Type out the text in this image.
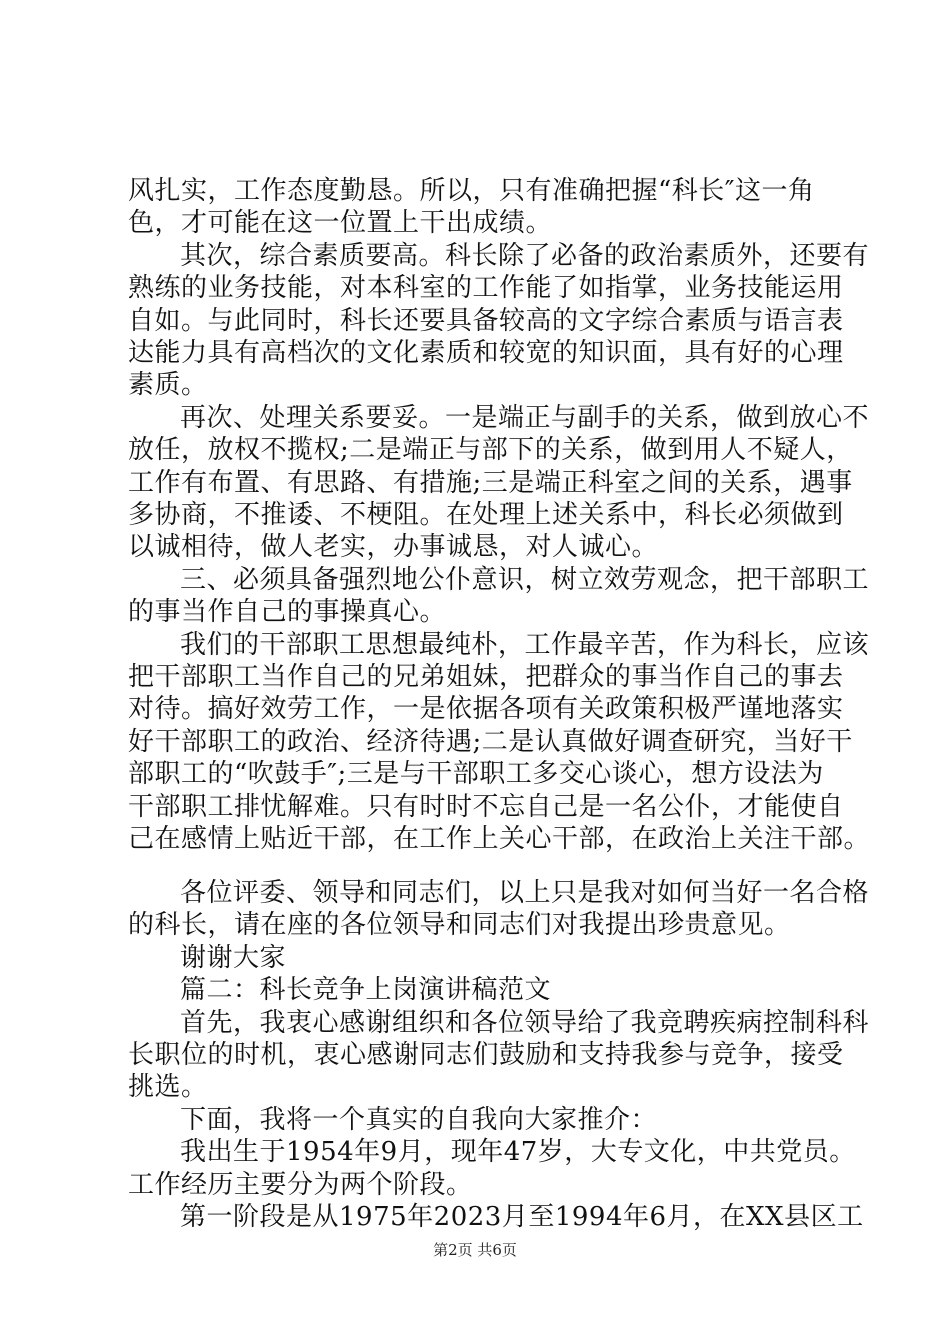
风扎实，工作态度勤恳。所以，只有准确把握“科长″这一角
色，才可能在这一位置上干出成绩。
其次，综合素质要高。科长除了必备的政治素质外，还要有
熟练的业务技能，对本科室的工作能了如指掌，业务技能运用
自如。与此同时，科长还要具备较高的文字综合素质与语言表
达能力具有高档次的文化素质和较宽的知识面，具有好的心理
素质。
再次、处理关系要妥。一是端正与副手的关系，做到放心不
放任，放权不揽权;二是端正与部下的关系，做到用人不疑人，
工作有布置、有思路、有措施;三是端正科室之间的关系，遇事
多协商，不推诿、不梗阻。在处理上述关系中，科长必须做到
以诚相待，做人老实，办事诚恳，对人诚心。
三、必须具备强烈地公仆意识，树立效劳观念，把干部职工
的事当作自己的事操真心。
我们的干部职工思想最纯朴，工作最辛苦，作为科长，应该
把干部职工当作自己的兄弟姐妹，把群众的事当作自己的事去
对待。搞好效劳工作，一是依据各项有关政策积极严谨地落实
好干部职工的政治、经济待遇;二是认真做好调查研究，当好干
部职工的“吹鼓手″;三是与干部职工多交心谈心，想方设法为
干部职工排忧解难。只有时时不忘自己是一名公仆，才能使自
己在感情上贴近干部，在工作上关心干部，在政治上关注干部。
各位评委、领导和同志们，以上只是我对如何当好一名合格
的科长，请在座的各位领导和同志们对我提出珍贵意见。
谢谢大家
篇二：科长竞争上岗演讲稿范文
首先，我衷心感谢组织和各位领导给了我竞聘疾病控制科科
长职位的时机，衷心感谢同志们鼓励和支持我参与竞争，接受
挑选。
下面，我将一个真实的自我向大家推介：
我出生于1954年9月，现年47岁，大专文化，中共党员。
工作经历主要分为两个阶段。
第一阶段是从1975年2023月至1994年6月，在XX县区工
第2页 共6页
